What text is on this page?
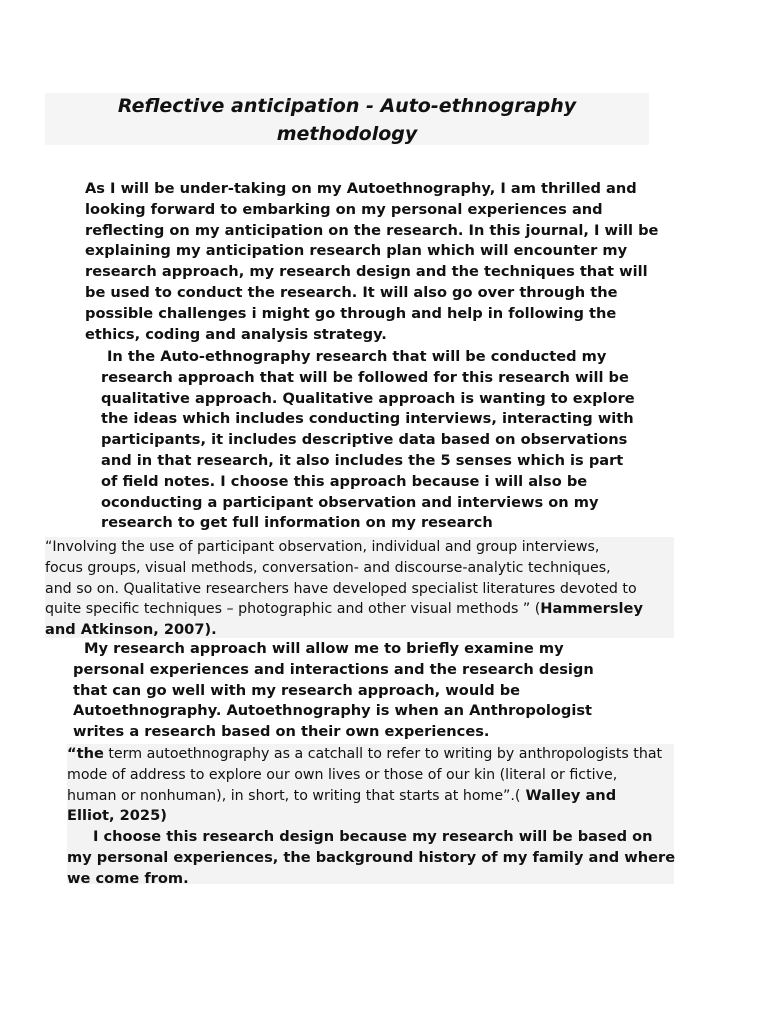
Reflective anticipation - Auto-ethnography
methodology

As I will be under-taking on my Autoethnography, I am thrilled and
looking forward to embarking on my personal experiences and
reflecting on my anticipation on the research. In this journal, I will be
explaining my anticipation research plan which will encounter my
research approach, my research design and the techniques that will
be used to conduct the research. It will also go over through the
possible challenges i might go through and help in following the
ethics, coding and analysis strategy.

In the Auto-ethnography research that will be conducted my
research approach that will be followed for this research will be
qualitative approach. Qualitative approach is wanting to explore
the ideas which includes conducting interviews, interacting with
participants, it includes descriptive data based on observations
and in that research, it also includes the 5 senses which is part
of field notes. I choose this approach because i will also be
oconducting a participant observation and interviews on my
research to get full information on my research

“Involving the use of participant observation, individual and group interviews,
focus groups, visual methods, conversation- and discourse-analytic techniques,
and so on. Qualitative researchers have developed specialist literatures devoted to
quite specific techniques – photographic and other visual methods ” (Hammersley
and Atkinson, 2007).

My research approach will allow me to briefly examine my
personal experiences and interactions and the research design
that can go well with my research approach, would be
Autoethnography. Autoethnography is when an Anthropologist
writes a research based on their own experiences.

“the term autoethnography as a catchall to refer to writing by anthropologists that
mode of address to explore our own lives or those of our kin (literal or fictive,
human or nonhuman), in short, to writing that starts at home”.( Walley and
Elliot, 2025)
I choose this research design because my research will be based on
my personal experiences, the background history of my family and where
we come from.
